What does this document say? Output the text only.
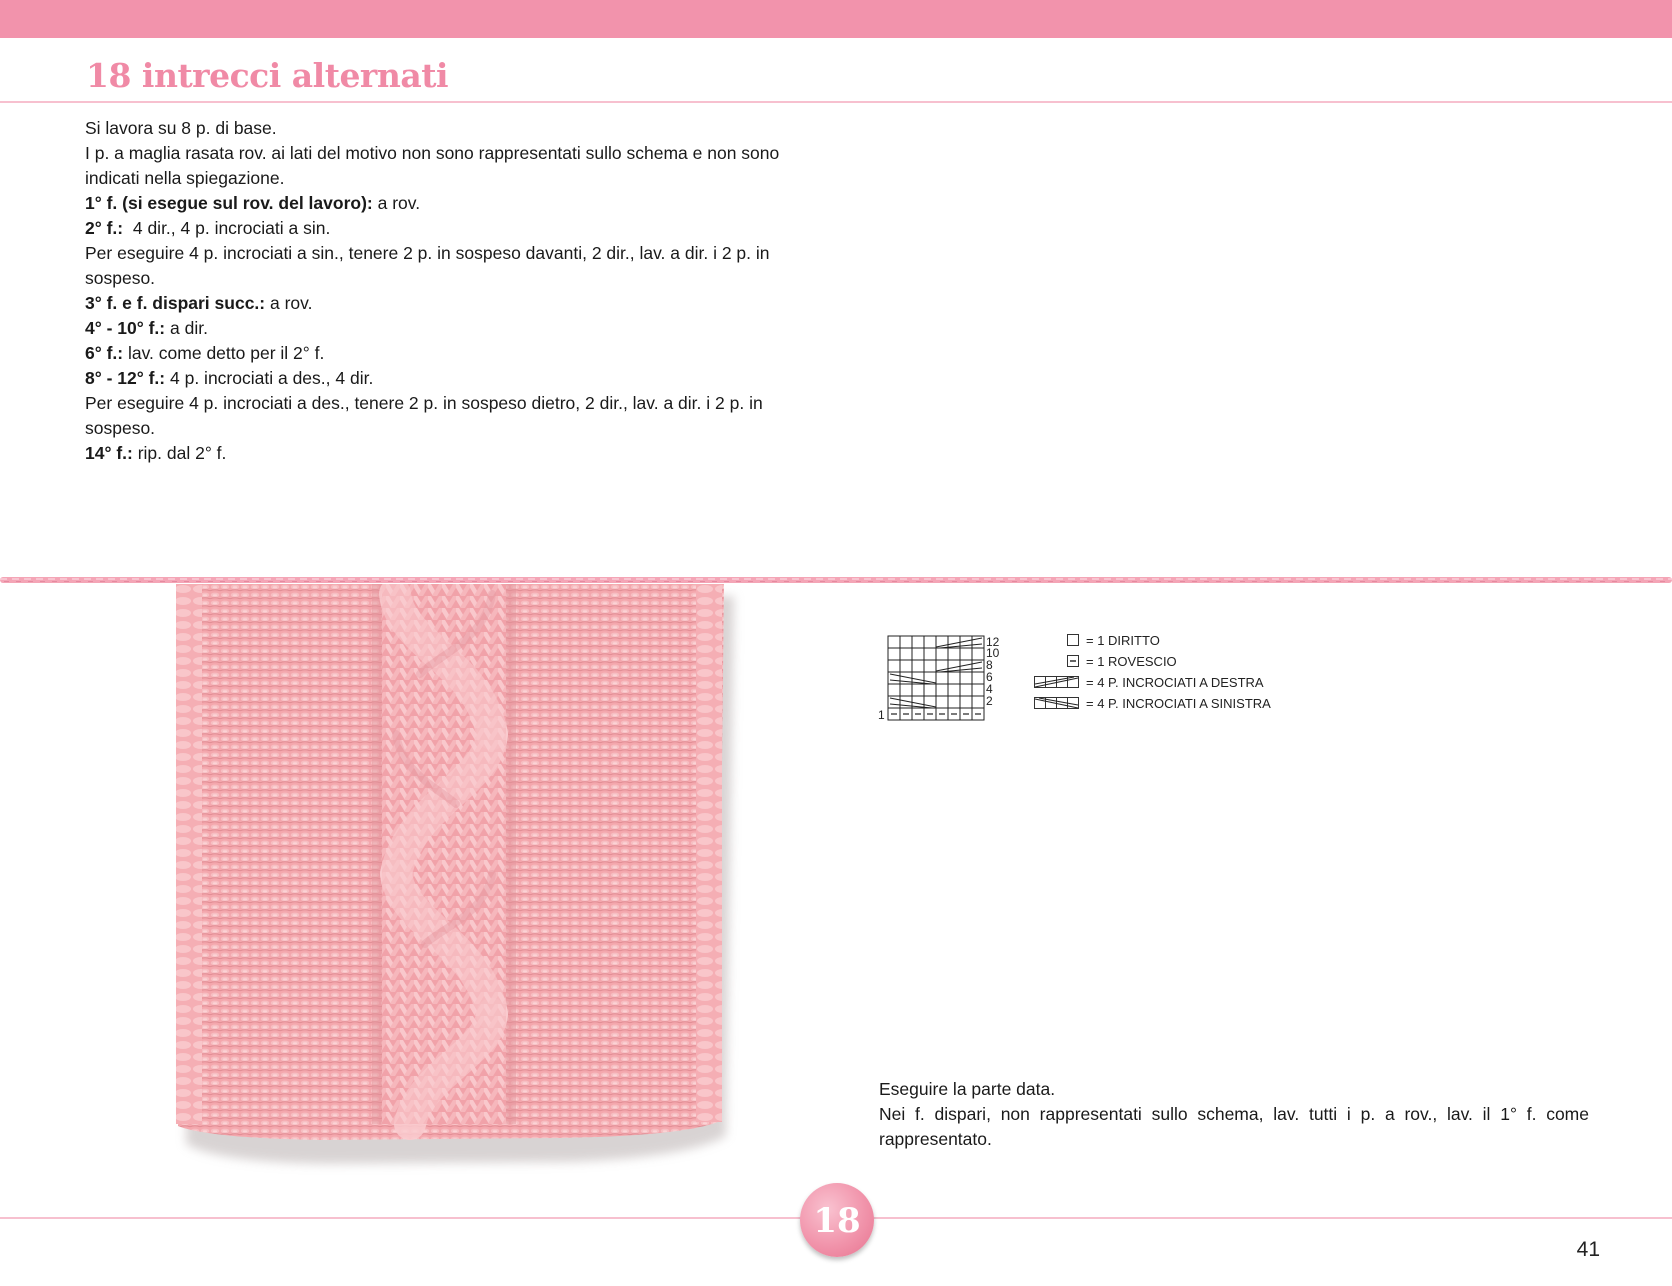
18 intrecci alternati

Si lavora su 8 p. di base.

I p. a maglia rasata rov. ai lati del motivo non sono rappresentati sullo schema e non sono indicati nella spiegazione.

1° f. (si esegue sul rov. del lavoro): a rov.

2° f.:  4 dir., 4 p. incrociati a sin.

Per eseguire 4 p. incrociati a sin., tenere 2 p. in sospeso davanti, 2 dir., lav. a dir. i 2 p. in sospeso.

3° f. e f. dispari succ.: a rov.

4° - 10° f.: a dir.

6° f.: lav. come detto per il 2° f.

8° - 12° f.: 4 p. incrociati a des., 4 dir.

Per eseguire 4 p. incrociati a des., tenere 2 p. in sospeso dietro, 2 dir., lav. a dir. i 2 p. in sospeso.

14° f.: rip. dal 2° f.

12
10
8
6
4
2
1
= 1 DIRITTO
= 1 ROVESCIO
= 4 P. INCROCIATI A DESTRA
= 4 P. INCROCIATI A SINISTRA

Eseguire la parte data.

Nei f. dispari, non rappresentati sullo schema, lav. tutti i p. a rov., lav. il 1° f. come rappresentato.

18
41
